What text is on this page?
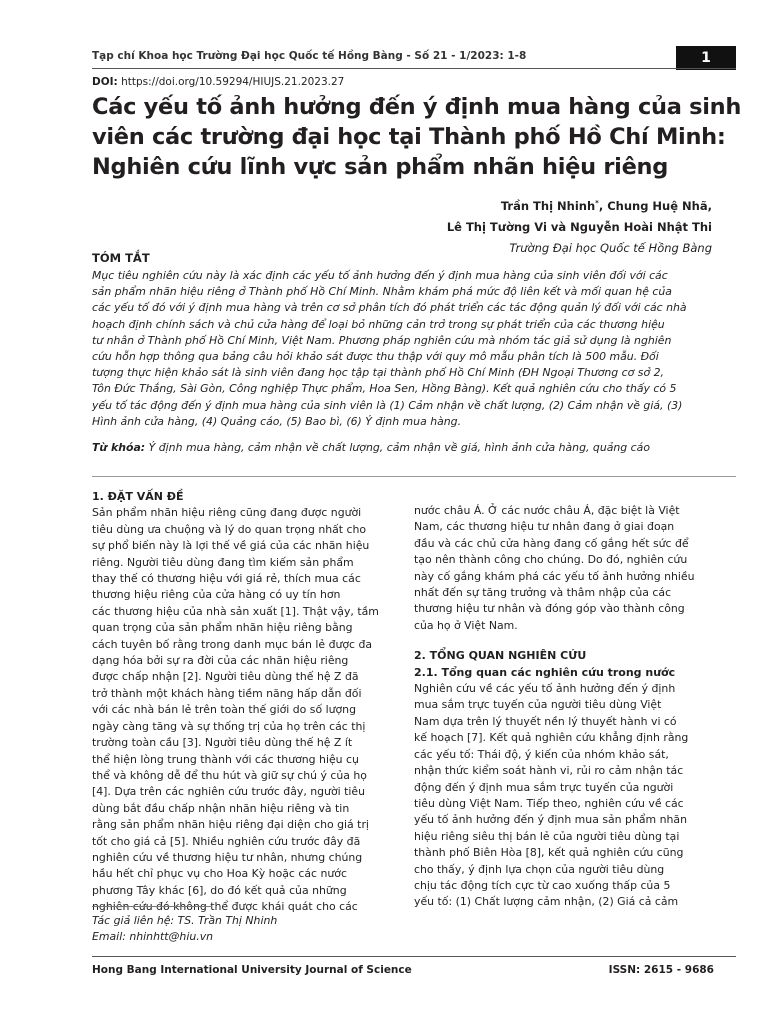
Tạp chí Khoa học Trường Đại học Quốc tế Hồng Bàng - Số 21 - 1/2023: 1-8	1
DOI: https://doi.org/10.59294/HIUJS.21.2023.27
Các yếu tố ảnh hưởng đến ý định mua hàng của sinh
viên các trường đại học tại Thành phố Hồ Chí Minh:
Nghiên cứu lĩnh vực sản phẩm nhãn hiệu riêng
Trần Thị Nhinh*, Chung Huệ Nhã,
Lê Thị Tường Vi và Nguyễn Hoài Nhật Thi
Trường Đại học Quốc tế Hồng Bàng
TÓM TẮT
Mục tiêu nghiên cứu này là xác định các yếu tố ảnh hưởng đến ý định mua hàng của sinh viên đối với các
sản phẩm nhãn hiệu riêng ở Thành phố Hồ Chí Minh. Nhằm khám phá mức độ liên kết và mối quan hệ của
các yếu tố đó với ý định mua hàng và trên cơ sở phân tích đó phát triển các tác động quản lý đối với các nhà
hoạch định chính sách và chủ cửa hàng để loại bỏ những cản trở trong sự phát triển của các thương hiệu
tư nhân ở Thành phố Hồ Chí Minh, Việt Nam. Phương pháp nghiên cứu mà nhóm tác giả sử dụng là nghiên
cứu hỗn hợp thông qua bảng câu hỏi khảo sát được thu thập với quy mô mẫu phân tích là 500 mẫu. Đối
tượng thực hiện khảo sát là sinh viên đang học tập tại thành phố Hồ Chí Minh (ĐH Ngoại Thương cơ sở 2,
Tôn Đức Thắng, Sài Gòn, Công nghiệp Thực phẩm, Hoa Sen, Hồng Bàng). Kết quả nghiên cứu cho thấy có 5
yếu tố tác động đến ý định mua hàng của sinh viên là (1) Cảm nhận về chất lượng, (2) Cảm nhận về giá, (3)
Hình ảnh cửa hàng, (4) Quảng cáo, (5) Bao bì, (6) Ý định mua hàng.
Từ khóa: Ý định mua hàng, cảm nhận về chất lượng, cảm nhận về giá, hình ảnh cửa hàng, quảng cáo
1. ĐẶT VẤN ĐỀ
Sản phẩm nhãn hiệu riêng cũng đang được người
tiêu dùng ưa chuộng và lý do quan trọng nhất cho
sự phổ biến này là lợi thế về giá của các nhãn hiệu
riêng. Người tiêu dùng đang tìm kiếm sản phẩm
thay thế có thương hiệu với giá rẻ, thích mua các
thương hiệu riêng của cửa hàng có uy tín hơn
các thương hiệu của nhà sản xuất [1]. Thật vậy, tầm
quan trọng của sản phẩm nhãn hiệu riêng bằng
cách tuyên bố rằng trong danh mục bán lẻ được đa
dạng hóa bởi sự ra đời của các nhãn hiệu riêng
được chấp nhận [2]. Người tiêu dùng thế hệ Z đã
trở thành một khách hàng tiềm năng hấp dẫn đối
với các nhà bán lẻ trên toàn thế giới do số lượng
ngày càng tăng và sự thống trị của họ trên các thị
trường toàn cầu [3]. Người tiêu dùng thế hệ Z ít
thể hiện lòng trung thành với các thương hiệu cụ
thể và không dễ để thu hút và giữ sự chú ý của họ
[4]. Dựa trên các nghiên cứu trước đây, người tiêu
dùng bắt đầu chấp nhận nhãn hiệu riêng và tin
rằng sản phẩm nhãn hiệu riêng đại diện cho giá trị
tốt cho giá cả [5]. Nhiều nghiên cứu trước đây đã
nghiên cứu về thương hiệu tư nhân, nhưng chúng
hầu hết chỉ phục vụ cho Hoa Kỳ hoặc các nước
phương Tây khác [6], do đó kết quả của những
nghiên cứu đó không thể được khái quát cho các
nước châu Á. Ở các nước châu Á, đặc biệt là Việt
Nam, các thương hiệu tư nhân đang ở giai đoạn
đầu và các chủ cửa hàng đang cố gắng hết sức để
tạo nên thành công cho chúng. Do đó, nghiên cứu
này cố gắng khám phá các yếu tố ảnh hưởng nhiều
nhất đến sự tăng trưởng và thâm nhập của các
thương hiệu tư nhân và đóng góp vào thành công
của họ ở Việt Nam.
2. TỔNG QUAN NGHIÊN CỨU
2.1. Tổng quan các nghiên cứu trong nước
Nghiên cứu về các yếu tố ảnh hưởng đến ý định
mua sắm trực tuyến của người tiêu dùng Việt
Nam dựa trên lý thuyết nền lý thuyết hành vi có
kế hoạch [7]. Kết quả nghiên cứu khẳng định rằng
các yếu tố: Thái độ, ý kiến của nhóm khảo sát,
nhận thức kiểm soát hành vi, rủi ro cảm nhận tác
động đến ý định mua sắm trực tuyến của người
tiêu dùng Việt Nam. Tiếp theo, nghiên cứu về các
yếu tố ảnh hưởng đến ý định mua sản phẩm nhãn
hiệu riêng siêu thị bán lẻ của người tiêu dùng tại
thành phố Biên Hòa [8], kết quả nghiên cứu cũng
cho thấy, ý định lựa chọn của người tiêu dùng
chịu tác động tích cực từ cao xuống thấp của 5
yếu tố: (1) Chất lượng cảm nhận, (2) Giá cả cảm
Tác giả liên hệ: TS. Trần Thị Nhinh
Email: nhinhtt@hiu.vn
Hong Bang International University Journal of Science	ISSN: 2615 - 9686
